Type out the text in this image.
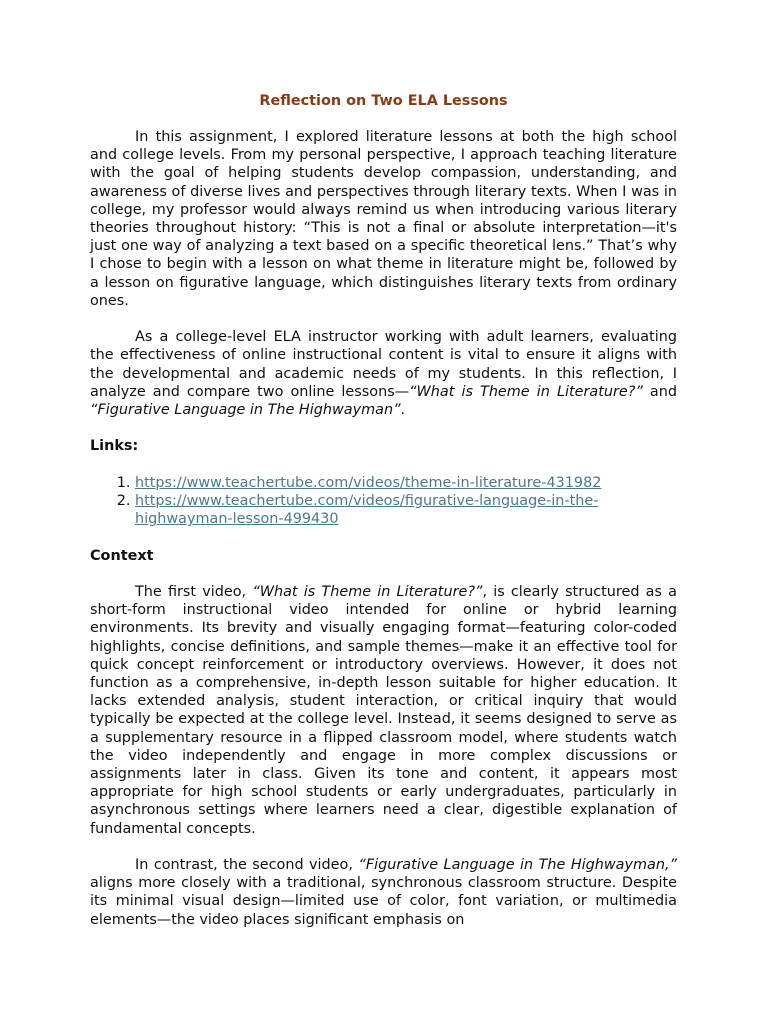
Reflection on Two ELA Lessons

In this assignment, I explored literature lessons at both the high school and college levels. From my personal perspective, I approach teaching literature with the goal of helping students develop compassion, understanding, and awareness of diverse lives and perspectives through literary texts. When I was in college, my professor would always remind us when introducing various literary theories throughout history: “This is not a final or absolute interpretation—it's just one way of analyzing a text based on a specific theoretical lens.” That’s why I chose to begin with a lesson on what theme in literature might be, followed by a lesson on figurative language, which distinguishes literary texts from ordinary ones.

As a college-level ELA instructor working with adult learners, evaluating the effectiveness of online instructional content is vital to ensure it aligns with the developmental and academic needs of my students. In this reflection, I analyze and compare two online lessons—“What is Theme in Literature?” and “Figurative Language in The Highwayman”.

Links:
1. https://www.teachertube.com/videos/theme-in-literature-431982
2. https://www.teachertube.com/videos/figurative-language-in-the-highwayman-lesson-499430
Context

The first video, “What is Theme in Literature?”, is clearly structured as a short-form instructional video intended for online or hybrid learning environments. Its brevity and visually engaging format—featuring color-coded highlights, concise definitions, and sample themes—make it an effective tool for quick concept reinforcement or introductory overviews. However, it does not function as a comprehensive, in-depth lesson suitable for higher education. It lacks extended analysis, student interaction, or critical inquiry that would typically be expected at the college level. Instead, it seems designed to serve as a supplementary resource in a flipped classroom model, where students watch the video independently and engage in more complex discussions or assignments later in class. Given its tone and content, it appears most appropriate for high school students or early undergraduates, particularly in asynchronous settings where learners need a clear, digestible explanation of fundamental concepts.

In contrast, the second video, “Figurative Language in The Highwayman,” aligns more closely with a traditional, synchronous classroom structure. Despite its minimal visual design—limited use of color, font variation, or multimedia elements—the video places significant emphasis on
